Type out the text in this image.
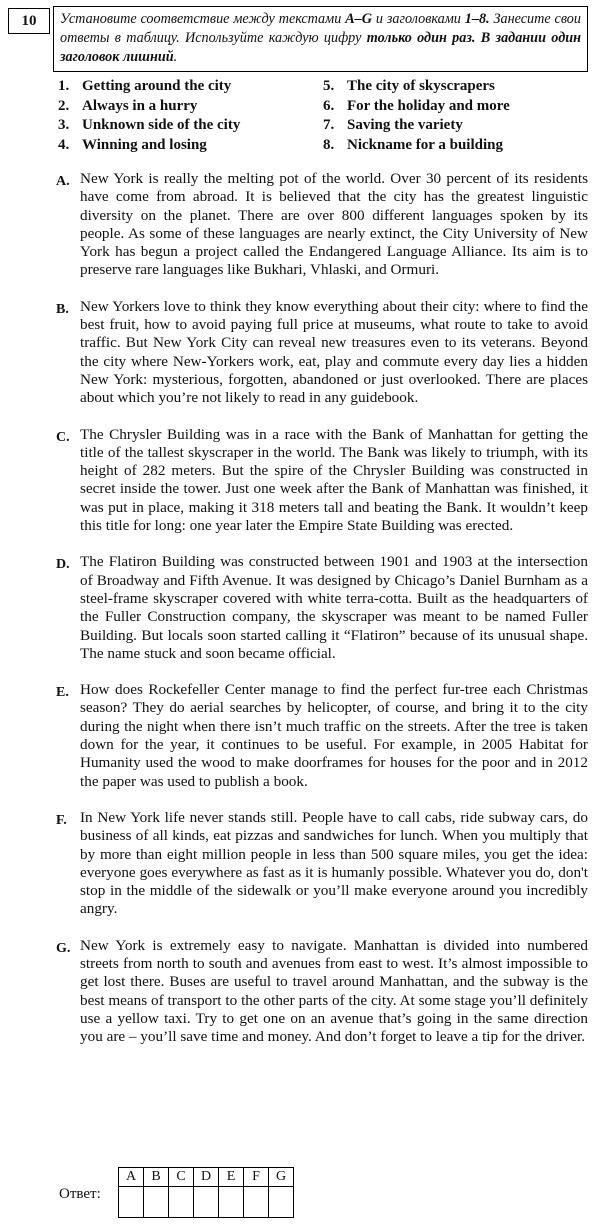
10	Установите соответствие между текстами A–G и заголовками 1–8. Занесите свои ответы в таблицу. Используйте каждую цифру только один раз. В задании один заголовок лишний.
1. Getting around the city	5. The city of skyscrapers
2. Always in a hurry	6. For the holiday and more
3. Unknown side of the city	7. Saving the variety
4. Winning and losing	8. Nickname for a building
A. New York is really the melting pot of the world. Over 30 percent of its residents have come from abroad. It is believed that the city has the greatest linguistic diversity on the planet. There are over 800 different languages spoken by its people. As some of these languages are nearly extinct, the City University of New York has begun a project called the Endangered Language Alliance. Its aim is to preserve rare languages like Bukhari, Vhlaski, and Ormuri.
B. New Yorkers love to think they know everything about their city: where to find the best fruit, how to avoid paying full price at museums, what route to take to avoid traffic. But New York City can reveal new treasures even to its veterans. Beyond the city where New-Yorkers work, eat, play and commute every day lies a hidden New York: mysterious, forgotten, abandoned or just overlooked. There are places about which you’re not likely to read in any guidebook.
C. The Chrysler Building was in a race with the Bank of Manhattan for getting the title of the tallest skyscraper in the world. The Bank was likely to triumph, with its height of 282 meters. But the spire of the Chrysler Building was constructed in secret inside the tower. Just one week after the Bank of Manhattan was finished, it was put in place, making it 318 meters tall and beating the Bank. It wouldn’t keep this title for long: one year later the Empire State Building was erected.
D. The Flatiron Building was constructed between 1901 and 1903 at the intersection of Broadway and Fifth Avenue. It was designed by Chicago’s Daniel Burnham as a steel-frame skyscraper covered with white terra-cotta. Built as the headquarters of the Fuller Construction company, the skyscraper was meant to be named Fuller Building. But locals soon started calling it “Flatiron” because of its unusual shape. The name stuck and soon became official.
E. How does Rockefeller Center manage to find the perfect fur-tree each Christmas season? They do aerial searches by helicopter, of course, and bring it to the city during the night when there isn’t much traffic on the streets. After the tree is taken down for the year, it continues to be useful. For example, in 2005 Habitat for Humanity used the wood to make doorframes for houses for the poor and in 2012 the paper was used to publish a book.
F. In New York life never stands still. People have to call cabs, ride subway cars, do business of all kinds, eat pizzas and sandwiches for lunch. When you multiply that by more than eight million people in less than 500 square miles, you get the idea: everyone goes everywhere as fast as it is humanly possible. Whatever you do, don't stop in the middle of the sidewalk or you’ll make everyone around you incredibly angry.
G. New York is extremely easy to navigate. Manhattan is divided into numbered streets from north to south and avenues from east to west. It’s almost impossible to get lost there. Buses are useful to travel around Manhattan, and the subway is the best means of transport to the other parts of the city. At some stage you’ll definitely use a yellow taxi. Try to get one on an avenue that’s going in the same direction you are – you’ll save time and money. And don’t forget to leave a tip for the driver.
Ответ:
A	B	C	D	E	F	G
